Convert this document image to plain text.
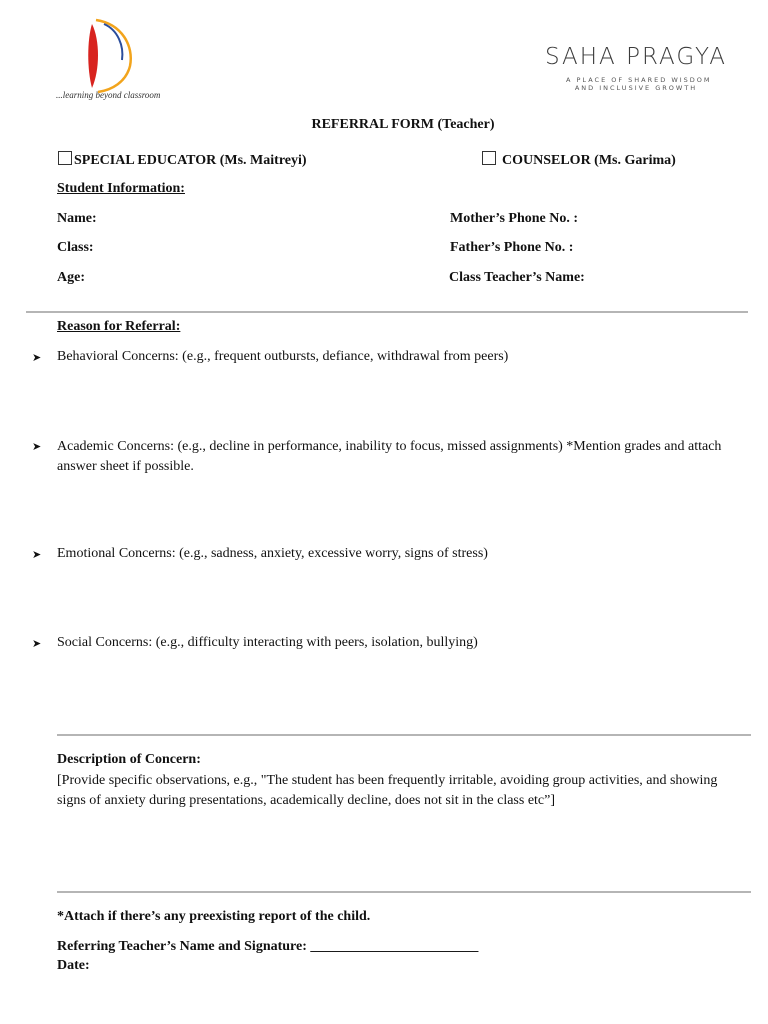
...learning beyond classroom
SAHA PRAGYA
A PLACE OF SHARED WISDOM
AND INCLUSIVE GROWTH
REFERRAL FORM (Teacher)
SPECIAL EDUCATOR (Ms. Maitreyi)	COUNSELOR (Ms. Garima)
Student Information:
Name:
Class:
Age:
Mother’s Phone No. :
Father’s Phone No. :
Class Teacher’s Name:
Reason for Referral:
➤ Behavioral Concerns: (e.g., frequent outbursts, defiance, withdrawal from peers)
➤ Academic Concerns: (e.g., decline in performance, inability to focus, missed assignments) *Mention grades and attach answer sheet if possible.
➤ Emotional Concerns: (e.g., sadness, anxiety, excessive worry, signs of stress)
➤ Social Concerns: (e.g., difficulty interacting with peers, isolation, bullying)
Description of Concern:
[Provide specific observations, e.g., "The student has been frequently irritable, avoiding group activities, and showing signs of anxiety during presentations, academically decline, does not sit in the class etc”]
*Attach if there’s any preexisting report of the child.
Referring Teacher’s Name and Signature: ________________________
Date:
